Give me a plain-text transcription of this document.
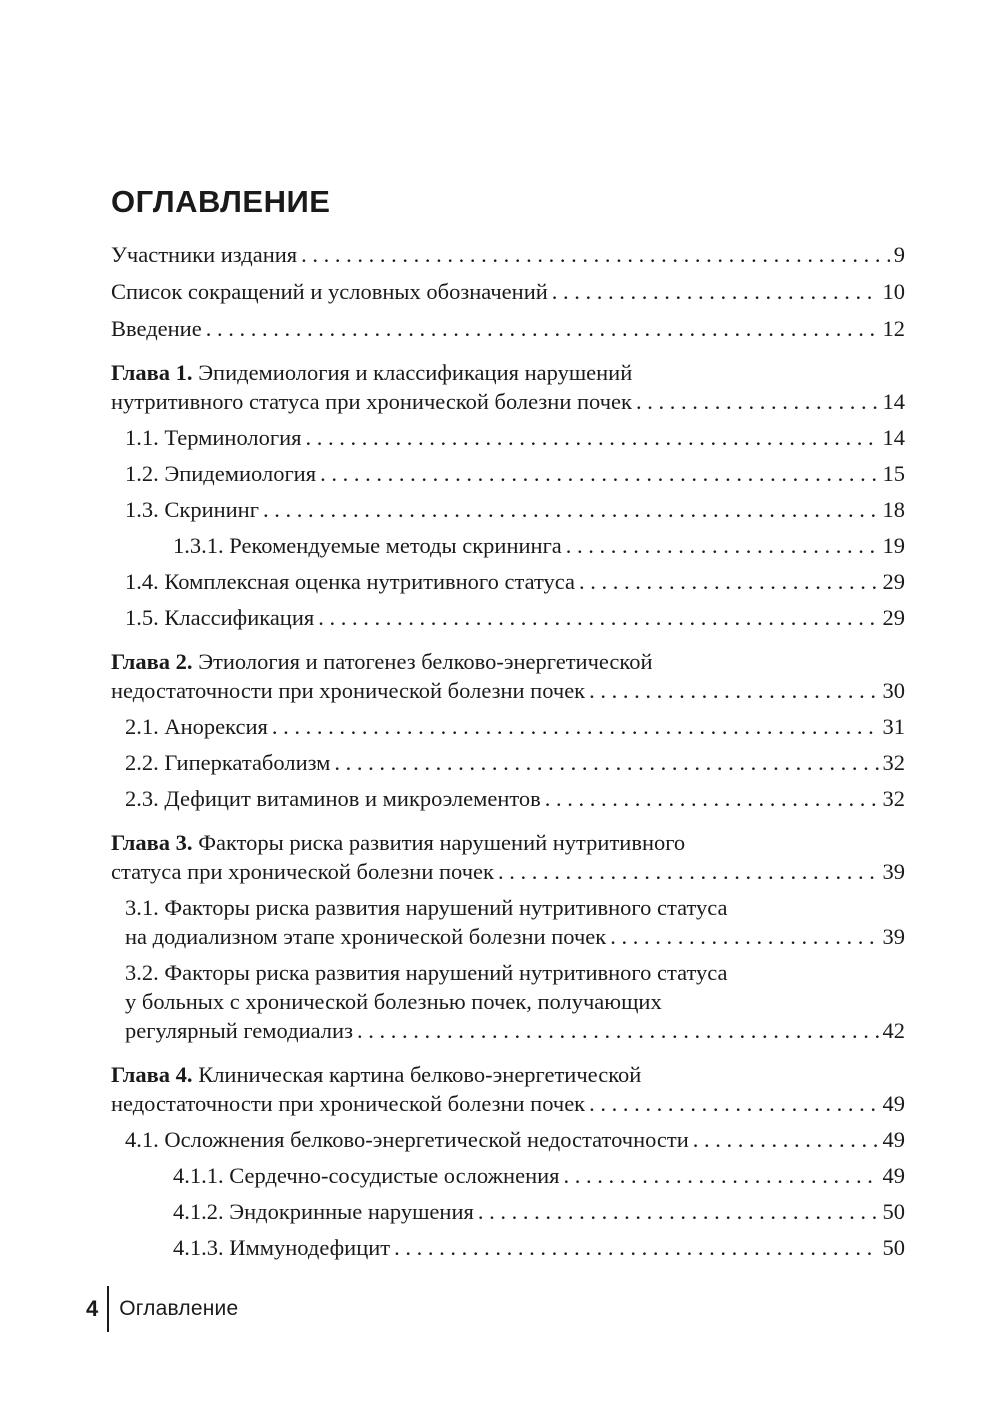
ОГЛАВЛЕНИЕ
Участники издания . . .	9
Список сокращений и условных обозначений . . .	10
Введение . . .	12
Глава 1. Эпидемиология и классификация нарушений
нутритивного статуса при хронической болезни почек . . .	14
1.1. Терминология . . .	14
1.2. Эпидемиология . . .	15
1.3. Скрининг . . .	18
1.3.1. Рекомендуемые методы скрининга . . .	19
1.4. Комплексная оценка нутритивного статуса . . .	29
1.5. Классификация . . .	29
Глава 2. Этиология и патогенез белково-энергетической
недостаточности при хронической болезни почек . . .	30
2.1. Анорексия . . .	31
2.2. Гиперкатаболизм . . .	32
2.3. Дефицит витаминов и микроэлементов . . .	32
Глава 3. Факторы риска развития нарушений нутритивного
статуса при хронической болезни почек . . .	39
3.1. Факторы риска развития нарушений нутритивного статуса
на додиализном этапе хронической болезни почек . . .	39
3.2. Факторы риска развития нарушений нутритивного статуса
у больных с хронической болезнью почек, получающих
регулярный гемодиализ . . .	42
Глава 4. Клиническая картина белково-энергетической
недостаточности при хронической болезни почек . . .	49
4.1. Осложнения белково-энергетической недостаточности . . .	49
4.1.1. Сердечно-сосудистые осложнения . . .	49
4.1.2. Эндокринные нарушения . . .	50
4.1.3. Иммунодефицит . . .	50
4	Оглавление
